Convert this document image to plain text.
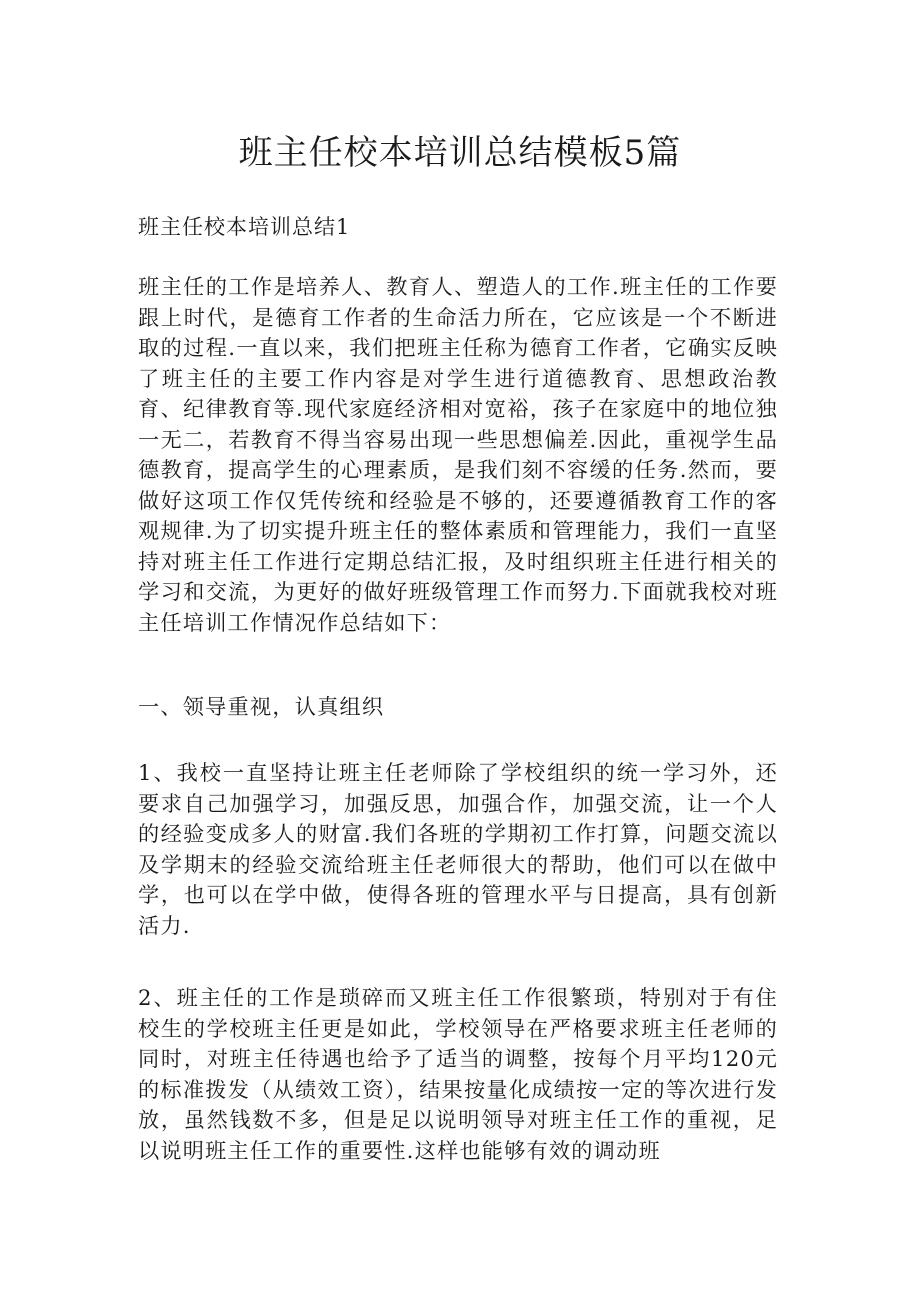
班主任校本培训总结模板5篇

班主任校本培训总结1

班主任的工作是培养人、教育人、塑造人的工作.班主任的工作要跟上时代，是德育工作者的生命活力所在，它应该是一个不断进取的过程.一直以来，我们把班主任称为德育工作者，它确实反映了班主任的主要工作内容是对学生进行道德教育、思想政治教育、纪律教育等.现代家庭经济相对宽裕，孩子在家庭中的地位独一无二，若教育不得当容易出现一些思想偏差.因此，重视学生品德教育，提高学生的心理素质，是我们刻不容缓的任务.然而，要做好这项工作仅凭传统和经验是不够的，还要遵循教育工作的客观规律.为了切实提升班主任的整体素质和管理能力，我们一直坚持对班主任工作进行定期总结汇报，及时组织班主任进行相关的学习和交流，为更好的做好班级管理工作而努力.下面就我校对班主任培训工作情况作总结如下：

一、领导重视，认真组织

1、我校一直坚持让班主任老师除了学校组织的统一学习外，还要求自己加强学习，加强反思，加强合作，加强交流，让一个人的经验变成多人的财富.我们各班的学期初工作打算，问题交流以及学期末的经验交流给班主任老师很大的帮助，他们可以在做中学，也可以在学中做，使得各班的管理水平与日提高，具有创新活力.

2、班主任的工作是琐碎而又班主任工作很繁琐，特别对于有住校生的学校班主任更是如此，学校领导在严格要求班主任老师的同时，对班主任待遇也给予了适当的调整，按每个月平均120元的标准拨发（从绩效工资），结果按量化成绩按一定的等次进行发放，虽然钱数不多，但是足以说明领导对班主任工作的重视，足以说明班主任工作的重要性.这样也能够有效的调动班
